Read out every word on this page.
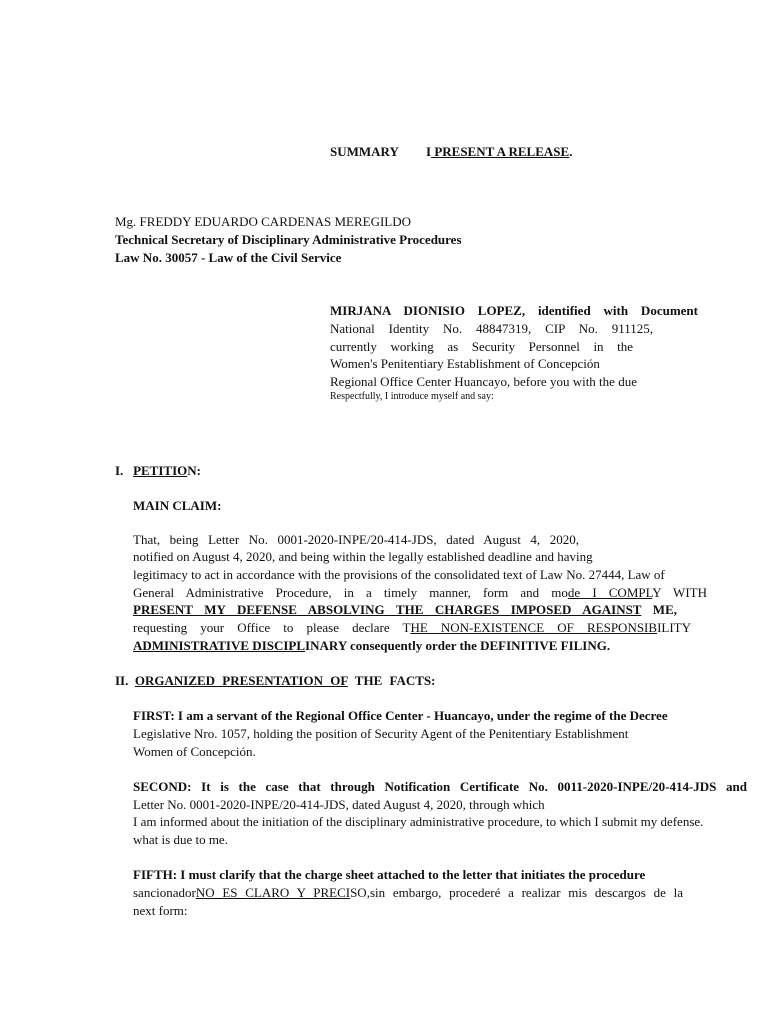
SUMMARY I PRESENT A RELEASE.
Mg. FREDDY EDUARDO CARDENAS MEREGILDO
Technical Secretary of Disciplinary Administrative Procedures
Law No. 30057 - Law of the Civil Service
MIRJANA DIONISIO LOPEZ, identified with Document
National Identity No. 48847319, CIP No. 911125,
currently working as Security Personnel in the
Women's Penitentiary Establishment of Concepción
Regional Office Center Huancayo, before you with the due
Respectfully, I introduce myself and say:
I. PETITION:
MAIN CLAIM:
That, being Letter No. 0001-2020-INPE/20-414-JDS, dated August 4, 2020,
notified on August 4, 2020, and being within the legally established deadline and having
legitimacy to act in accordance with the provisions of the consolidated text of Law No. 27444, Law of
General Administrative Procedure, in a timely manner, form and mode I COMPLY WITH
PRESENT MY DEFENSE ABSOLVING THE CHARGES IMPOSED AGAINST ME,
requesting your Office to please declare THE NON-EXISTENCE OF RESPONSIBILITY
ADMINISTRATIVE DISCIPLINARY consequently order the DEFINITIVE FILING.
II. ORGANIZED PRESENTATION OF THE FACTS:
FIRST: I am a servant of the Regional Office Center - Huancayo, under the regime of the Decree
Legislative Nro. 1057, holding the position of Security Agent of the Penitentiary Establishment
Women of Concepción.
SECOND: It is the case that through Notification Certificate No. 0011-2020-INPE/20-414-JDS and
Letter No. 0001-2020-INPE/20-414-JDS, dated August 4, 2020, through which
I am informed about the initiation of the disciplinary administrative procedure, to which I submit my defense.
what is due to me.
FIFTH: I must clarify that the charge sheet attached to the letter that initiates the procedure
sancionadorNO ES CLARO Y PRECISO,sin embargo, procederé a realizar mis descargos de la
next form:
